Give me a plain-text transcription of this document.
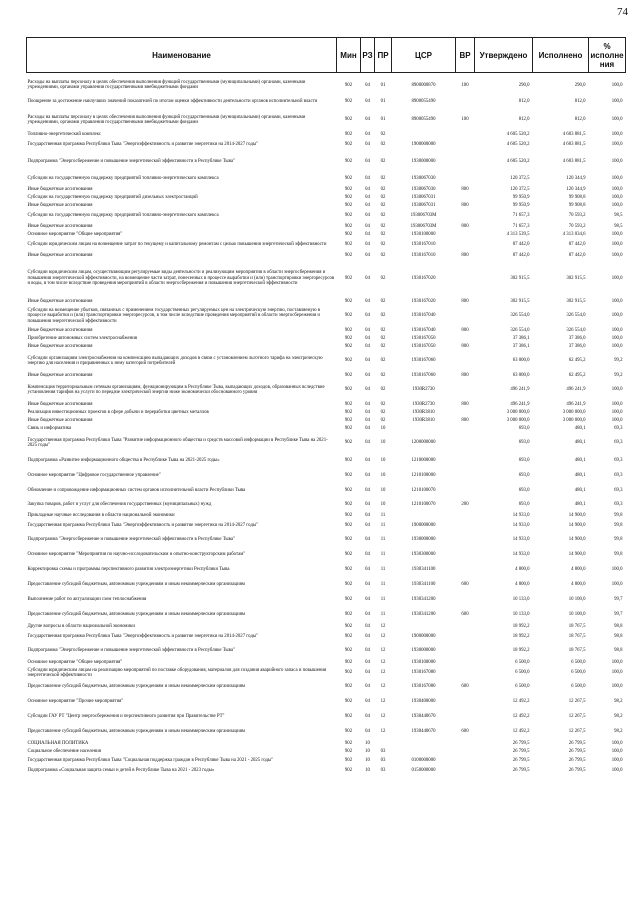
74
Наименование	Мин	РЗ	ПР	ЦСР	ВР	Утверждено	Исполнено	% исполне ния
Расходы на выплаты персоналу в целях обеспечения выполнения функций государственными (муниципальными) органами, казенными учреждениями, органами управления государственными внебюджетными фондами	902	04	01	8900000870	100	290,0	290,0	100,0
Поощрение за достижение наилучших значений показателей по итогам оценки эффективности деятельности органов исполнительной власти	902	04	01	8900055490		812,0	812,0	100,0
Расходы на выплаты персоналу в целях обеспечения выполнения функций государственными (муниципальными) органами, казенными учреждениями, органами управления государственными внебюджетными фондами	902	04	01	8900055490	100	812,0	812,0	100,0
Топливно-энергетический комплекс	902	04	02			4 605 520,2	4 603 881,5	100,0
Государственная программа Республики Тыва "Энергоэффективность и развитие энергетики на 2014-2027 годы"	902	04	02	1900000000		4 605 520,2	4 603 881,5	100,0
Подпрограмма "Энергосбережение и повышение энергетической эффективности в Республике Тыва"	902	04	02	1930000000		4 605 520,2	4 603 881,5	100,0
Субсидии на государственную поддержку предприятий топливно-энергетического комплекса	902	04	02	1930067030		120 372,5	120 344,9	100,0
Иные бюджетные ассигнования	902	04	02	1930067030	800	120 372,5	120 344,9	100,0
Субсидии на государственную поддержку предприятий дизельных электростанций	902	04	02	1930067031		99 950,9	99 908,8	100,0
Иные бюджетные ассигнования	902	04	02	1930067031	800	99 950,9	99 908,8	100,0
Субсидии на государственную поддержку предприятий топливно-энергетического комплекса	902	04	02	193006703М		71 657,3	70 593,2	98,5
Иные бюджетные ассигнования	902	04	02	193006703М	800	71 657,3	70 593,2	98,5
Основное мероприятие "Общие мероприятия"	902	04	02	1930100000		4 313 539,5	4 313 034,6	100,0
Субсидии юридическим лицам на возмещение затрат по текущему и капитальному ремонтам с целью повышения энергетической эффективности	902	04	02	1930167010		87 442,0	87 442,0	100,0
Иные бюджетные ассигнования	902	04	02	1930167010	800	87 442,0	87 442,0	100,0
Субсидии юридическим лицам, осуществляющим регулируемые виды деятельности и реализующим мероприятия в области энергосбережения и повышения энергетической эффективности, на возмещение части затрат, понесенных в процессе выработки и (или) транспортировки энергоресурсов и воды, в том числе вследствие проведения мероприятий в области энергосбережения и повышения энергетической эффективности	902	04	02	1930167020		302 915,5	302 915,5	100,0
Иные бюджетные ассигнования	902	04	02	1930167020	800	302 915,5	302 915,5	100,0
Субсидии на возмещение убытков, связанных с применением государственных регулируемых цен на электрическую энергию, поставляемую в процессе выработки и (или) транспортировки энергоресурсов, в том числе вследствие проведения мероприятий в области энергосбережения и повышения энергетической эффективности	902	04	02	1930167040		326 554,0	326 554,0	100,0
Иные бюджетные ассигнования	902	04	02	1930167040	800	326 554,0	326 554,0	100,0
Приобретение автономных систем электроснабжения	902	04	02	1930167050		37 386,1	37 386,0	100,0
Иные бюджетные ассигнования	902	04	02	1930167050	800	37 386,1	37 386,0	100,0
Субсидии организациям электроснабжения на компенсацию выпадающих доходов в связи с установлением льготного тарифа на электрическую энергию для населения и приравненных к нему категорий потребителей	902	04	02	1930167060		63 000,0	62 495,2	99,2
Иные бюджетные ассигнования	902	04	02	1930167060	800	63 000,0	62 495,2	99,2
Компенсация территориальным сетевым организациям, функционирующим в Республике Тыва, выпадающих доходов, образованных вследствие установления тарифов на услуги по передаче электрической энергии ниже экономически обоснованного уровня	902	04	02	1930R2730		496 241,9	496 241,9	100,0
Иные бюджетные ассигнования	902	04	02	1930R2730	800	496 241,9	496 241,9	100,0
Реализация инвестиционных проектов в сфере добычи и переработки цветных металлов	902	04	02	1930R3810		3 000 000,0	3 000 000,0	100,0
Иные бюджетные ассигнования	902	04	02	1930R3810	800	3 000 000,0	3 000 000,0	100,0
Связь и информатика	902	04	10			693,0	480,1	69,3
Государственная программа Республики Тыва "Развитие информационного общества и средств массовой информации в Республике Тыва на 2021-2025 годы"	902	04	10	1200000000		693,0	480,1	69,3
Подпрограмма «Развитие информационного общества в Республике Тыва на 2021-2025 годы»	902	04	10	1210000000		693,0	480,1	69,3
Основное мероприятие "Цифровое государственное управление"	902	04	10	1210100000		693,0	480,1	69,3
Обновление и сопровождение информационных систем органов исполнительной власти Республики Тыва	902	04	10	1210100070		693,0	480,1	69,3
Закупка товаров, работ и услуг для обеспечения государственных (муниципальных) нужд	902	04	10	1210100070	200	693,0	480,1	69,3
Прикладные научные исследования в области национальной экономики	902	04	11			14 933,0	14 900,0	99,8
Государственная программа Республики Тыва "Энергоэффективность и развитие энергетики на 2014-2027 годы"	902	04	11	1900000000		14 933,0	14 900,0	99,8
Подпрограмма "Энергосбережение и повышение энергетической эффективности в Республике Тыва"	902	04	11	1930000000		14 933,0	14 900,0	99,8
Основное мероприятие "Мероприятия по научно-исследовательским и опытно-конструкторским работам"	902	04	11	1930300000		14 933,0	14 900,0	99,8
Корректировка схемы и программы перспективного развития электроэнергетики Республики Тыва	902	04	11	1930341100		4 800,0	4 800,0	100,0
Предоставление субсидий бюджетным, автономным учреждениям и иным некоммерческим организациям	902	04	11	1930341100	600	4 800,0	4 800,0	100,0
Выполнение работ по актуализации схем теплоснабжения	902	04	11	1930341200		10 133,0	10 100,0	99,7
Предоставление субсидий бюджетным, автономным учреждениям и иным некоммерческим организациям	902	04	11	1930341200	600	10 133,0	10 100,0	99,7
Другие вопросы в области национальной экономики	902	04	12			18 992,2	18 767,5	98,8
Государственная программа Республики Тыва "Энергоэффективность и развитие энергетики на 2014-2027 годы"	902	04	12	1900000000		18 992,2	18 767,5	98,8
Подпрограмма "Энергосбережение и повышение энергетической эффективности в Республике Тыва"	902	04	12	1930000000		18 992,2	18 767,5	98,8
Основное мероприятие "Общие мероприятия"	902	04	12	1930100000		6 500,0	6 500,0	100,0
Субсидии юридическим лицам на реализацию мероприятий по поставке оборудования, материалов для создания аварийного запаса и повышения энергетической эффективности	902	04	12	1930167080		6 500,0	6 500,0	100,0
Предоставление субсидий бюджетным, автономным учреждениям и иным некоммерческим организациям	902	04	12	1930167080	600	6 500,0	6 500,0	100,0
Основное мероприятие "Прочие мероприятия"	902	04	12	1930400000		12 492,2	12 267,5	98,2
Субсидии ГАУ РТ "Центр энергосбережения и перспективного развития при Правительстве РТ"	902	04	12	1930440670		12 492,2	12 267,5	98,2
Предоставление субсидий бюджетным, автономным учреждениям и иным некоммерческим организациям	902	04	12	1930440670	600	12 492,2	12 267,5	98,2
СОЦИАЛЬНАЯ ПОЛИТИКА	902	10				26 799,5	26 799,5	100,0
Социальное обеспечение населения	902	10	03			26 799,5	26 799,5	100,0
Государственная программа Республики Тыва "Социальная поддержка граждан в Республике Тыва на 2021 - 2025 годы"	902	10	03	0100000000		26 799,5	26 799,5	100,0
Подпрограмма «Социальная защита семьи и детей в Республике Тыва на 2021 - 2023 годы»	902	10	03	0150000000		26 799,5	26 799,5	100,0
